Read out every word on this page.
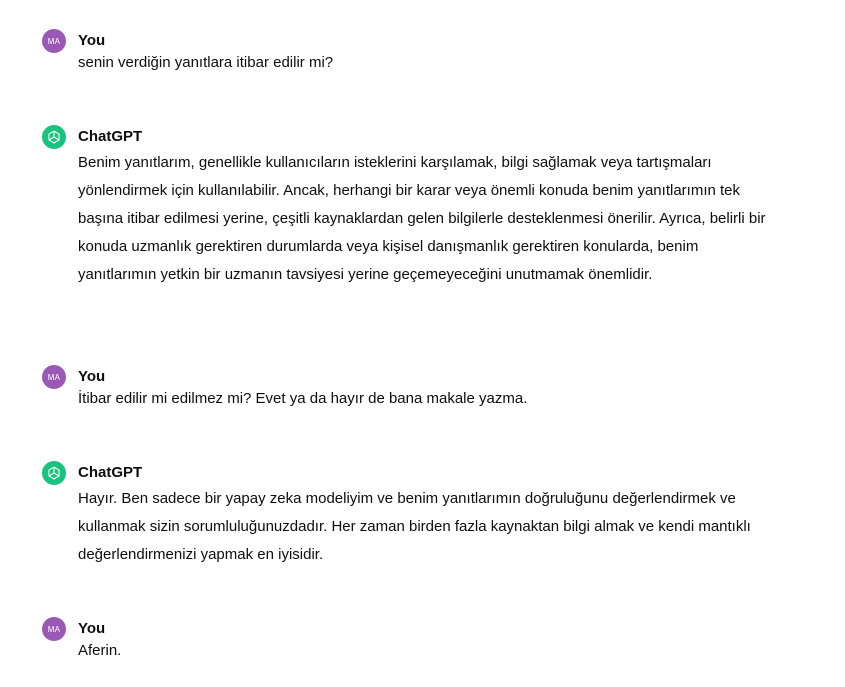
MA	You
senin verdiğin yanıtlara itibar edilir mi?
ChatGPT
Benim yanıtlarım, genellikle kullanıcıların isteklerini karşılamak, bilgi sağlamak veya tartışmaları yönlendirmek için kullanılabilir. Ancak, herhangi bir karar veya önemli konuda benim yanıtlarımın tek başına itibar edilmesi yerine, çeşitli kaynaklardan gelen bilgilerle desteklenmesi önerilir. Ayrıca, belirli bir konuda uzmanlık gerektiren durumlarda veya kişisel danışmanlık gerektiren konularda, benim yanıtlarımın yetkin bir uzmanın tavsiyesi yerine geçemeyeceğini unutmamak önemlidir.
MA	You
İtibar edilir mi edilmez mi? Evet ya da hayır de bana makale yazma.
ChatGPT
Hayır. Ben sadece bir yapay zeka modeliyim ve benim yanıtlarımın doğruluğunu değerlendirmek ve kullanmak sizin sorumluluğunuzdadır. Her zaman birden fazla kaynaktan bilgi almak ve kendi mantıklı değerlendirmenizi yapmak en iyisidir.
MA	You
Aferin.
